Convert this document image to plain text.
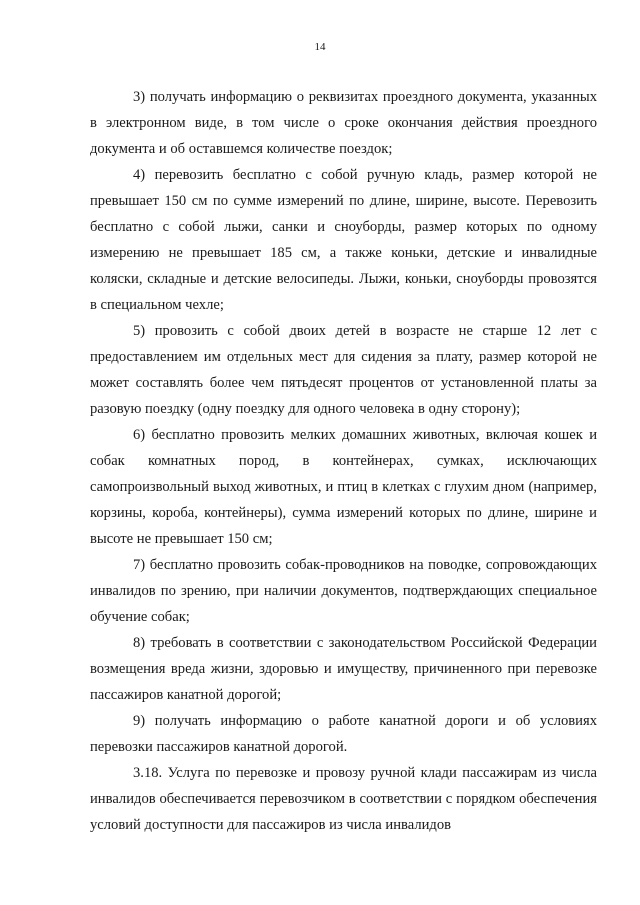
14

3) получать информацию о реквизитах проездного документа, указанных в электронном виде, в том числе о сроке окончания действия проездного документа и об оставшемся количестве поездок;

4) перевозить бесплатно с собой ручную кладь, размер которой не превышает 150 см по сумме измерений по длине, ширине, высоте. Перевозить бесплатно с собой лыжи, санки и сноуборды, размер которых по одному измерению не превышает 185 см, а также коньки, детские и инвалидные коляски, складные и детские велосипеды. Лыжи, коньки, сноуборды провозятся в специальном чехле;

5) провозить с собой двоих детей в возрасте не старше 12 лет с предоставлением им отдельных мест для сидения за плату, размер которой не может составлять более чем пятьдесят процентов от установленной платы за разовую поездку (одну поездку для одного человека в одну сторону);

6) бесплатно провозить мелких домашних животных, включая кошек и собак комнатных пород, в контейнерах, сумках, исключающих самопроизвольный выход животных, и птиц в клетках с глухим дном (например, корзины, короба, контейнеры), сумма измерений которых по длине, ширине и высоте не превышает 150 см;

7) бесплатно провозить собак-проводников на поводке, сопровождающих инвалидов по зрению, при наличии документов, подтверждающих специальное обучение собак;

8) требовать в соответствии с законодательством Российской Федерации возмещения вреда жизни, здоровью и имуществу, причиненного при перевозке пассажиров канатной дорогой;

9) получать информацию о работе канатной дороги и об условиях перевозки пассажиров канатной дорогой.

3.18. Услуга по перевозке и провозу ручной клади пассажирам из числа инвалидов обеспечивается перевозчиком в соответствии с порядком обеспечения условий доступности для пассажиров из числа инвалидов
